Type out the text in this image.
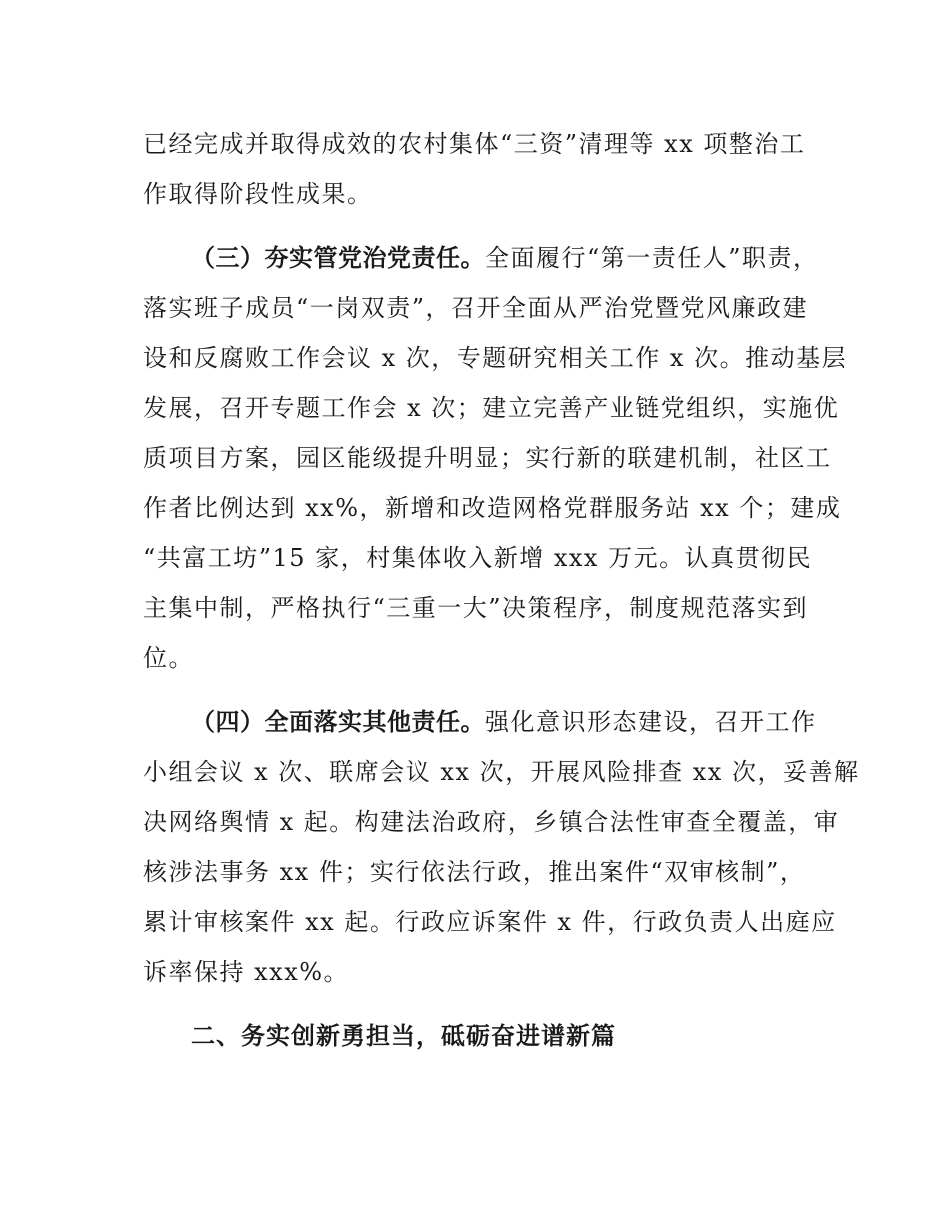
已经完成并取得成效的农村集体“三资”清理等 xx 项整治工
作取得阶段性成果。
（三）夯实管党治党责任。全面履行“第一责任人”职责，
落实班子成员“一岗双责”，召开全面从严治党暨党风廉政建
设和反腐败工作会议 x 次，专题研究相关工作 x 次。推动基层
发展，召开专题工作会 x 次；建立完善产业链党组织，实施优
质项目方案，园区能级提升明显；实行新的联建机制，社区工
作者比例达到 xx%，新增和改造网格党群服务站 xx 个；建成
“共富工坊”15 家，村集体收入新增 xxx 万元。认真贯彻民
主集中制，严格执行“三重一大”决策程序，制度规范落实到
位。
（四）全面落实其他责任。强化意识形态建设，召开工作
小组会议 x 次、联席会议 xx 次，开展风险排查 xx 次，妥善解
决网络舆情 x 起。构建法治政府，乡镇合法性审查全覆盖，审
核涉法事务 xx 件；实行依法行政，推出案件“双审核制”，
累计审核案件 xx 起。行政应诉案件 x 件，行政负责人出庭应
诉率保持 xxx%。
二、务实创新勇担当，砥砺奋进谱新篇
